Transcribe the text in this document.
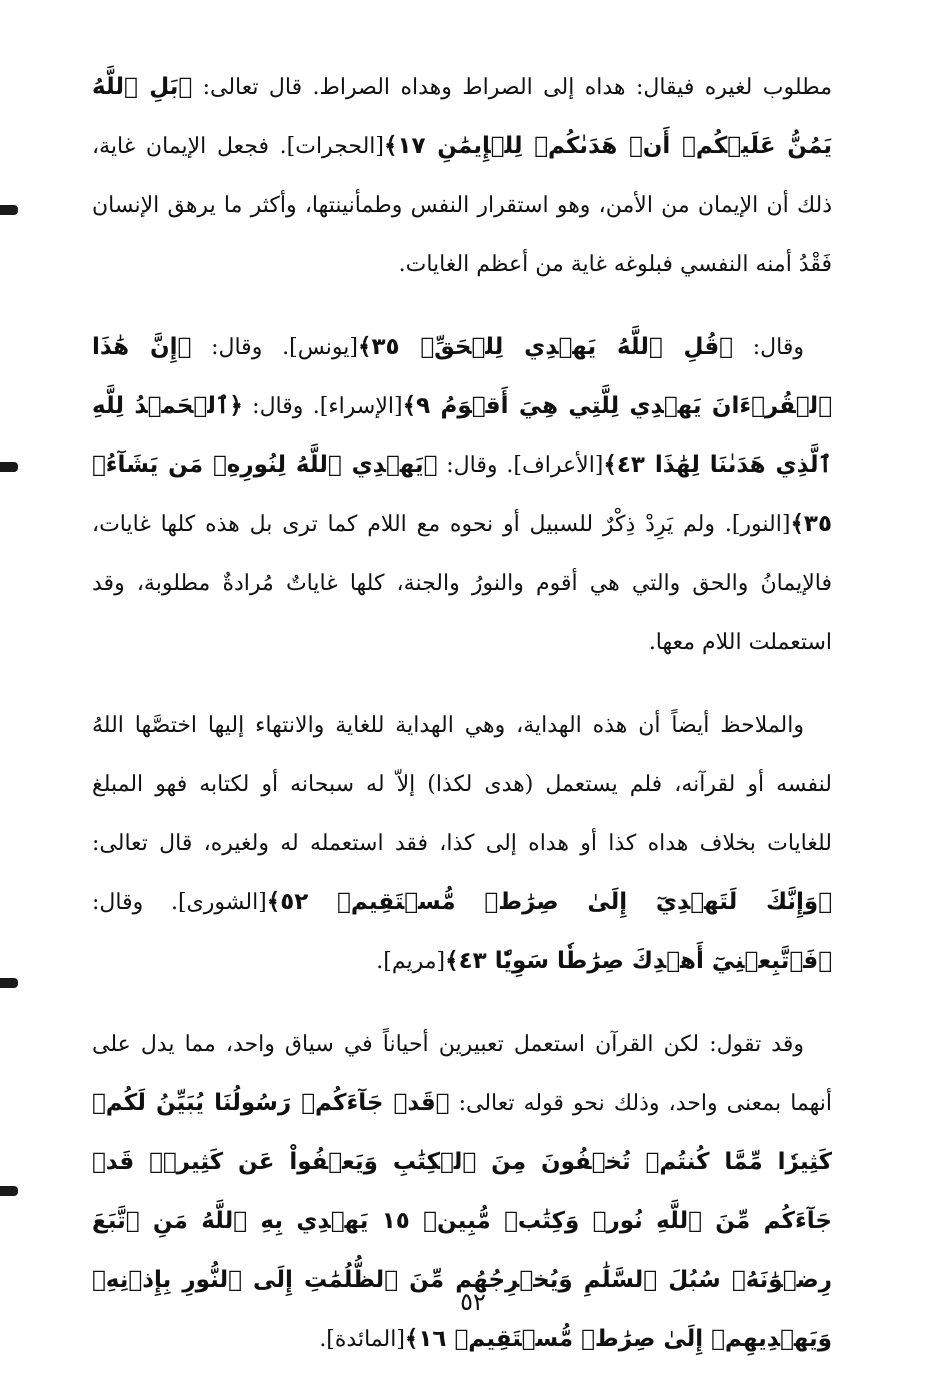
مطلوب لغيره فيقال: هداه إلى الصراط وهداه الصراط. قال تعالى: ﴿بَلِ ٱللَّهُ يَمُنُّ عَلَيۡكُمۡ أَنۡ هَدَىٰكُمۡ لِلۡإِيمَٰنِ ١٧﴾[الحجرات]. فجعل الإيمان غاية، ذلك أن الإيمان من الأمن، وهو استقرار النفس وطمأنينتها، وأكثر ما يرهق الإنسان فَقْدُ أمنه النفسي فبلوغه غاية من أعظم الغايات.

وقال: ﴿قُلِ ٱللَّهُ يَهۡدِي لِلۡحَقِّۗ ٣٥﴾[يونس]. وقال: ﴿إِنَّ هَٰذَا ٱلۡقُرۡءَانَ يَهۡدِي لِلَّتِي هِيَ أَقۡوَمُ ٩﴾[الإسراء]. وقال: ﴿ٱلۡحَمۡدُ لِلَّهِ ٱلَّذِي هَدَىٰنَا لِهَٰذَا ٤٣﴾[الأعراف]. وقال: ﴿يَهۡدِي ٱللَّهُ لِنُورِهِۦ مَن يَشَآءُۚ ٣٥﴾[النور]. ولم يَرِدْ ذِكْرٌ للسبيل أو نحوه مع اللام كما ترى بل هذه كلها غايات، فالإيمانُ والحق والتي هي أقوم والنورُ والجنة، كلها غاياتٌ مُرادةٌ مطلوبة، وقد استعملت اللام معها.

والملاحظ أيضاً أن هذه الهداية، وهي الهداية للغاية والانتهاء إليها اختصَّها اللهُ لنفسه أو لقرآنه، فلم يستعمل (هدى لكذا) إلاّ له سبحانه أو لكتابه فهو المبلغ للغايات بخلاف هداه كذا أو هداه إلى كذا، فقد استعمله له ولغيره، قال تعالى: ﴿وَإِنَّكَ لَتَهۡدِيٓ إِلَىٰ صِرَٰطٖ مُّسۡتَقِيمٖ ٥٢﴾[الشورى]. وقال: ﴿فَٱتَّبِعۡنِيٓ أَهۡدِكَ صِرَٰطٗا سَوِيّٗا ٤٣﴾[مريم].

وقد تقول: لكن القرآن استعمل تعبيرين أحياناً في سياق واحد، مما يدل على أنهما بمعنى واحد، وذلك نحو قوله تعالى: ﴿قَدۡ جَآءَكُمۡ رَسُولُنَا يُبَيِّنُ لَكُمۡ كَثِيرٗا مِّمَّا كُنتُمۡ تُخۡفُونَ مِنَ ٱلۡكِتَٰبِ وَيَعۡفُواْ عَن كَثِيرٖۚ قَدۡ جَآءَكُم مِّنَ ٱللَّهِ نُورٞ وَكِتَٰبٞ مُّبِينٞ ١٥ يَهۡدِي بِهِ ٱللَّهُ مَنِ ٱتَّبَعَ رِضۡوَٰنَهُۥ سُبُلَ ٱلسَّلَٰمِ وَيُخۡرِجُهُم مِّنَ ٱلظُّلُمَٰتِ إِلَى ٱلنُّورِ بِإِذۡنِهِۦ وَيَهۡدِيهِمۡ إِلَىٰ صِرَٰطٖ مُّسۡتَقِيمٖ ١٦﴾[المائدة].

٥٢
